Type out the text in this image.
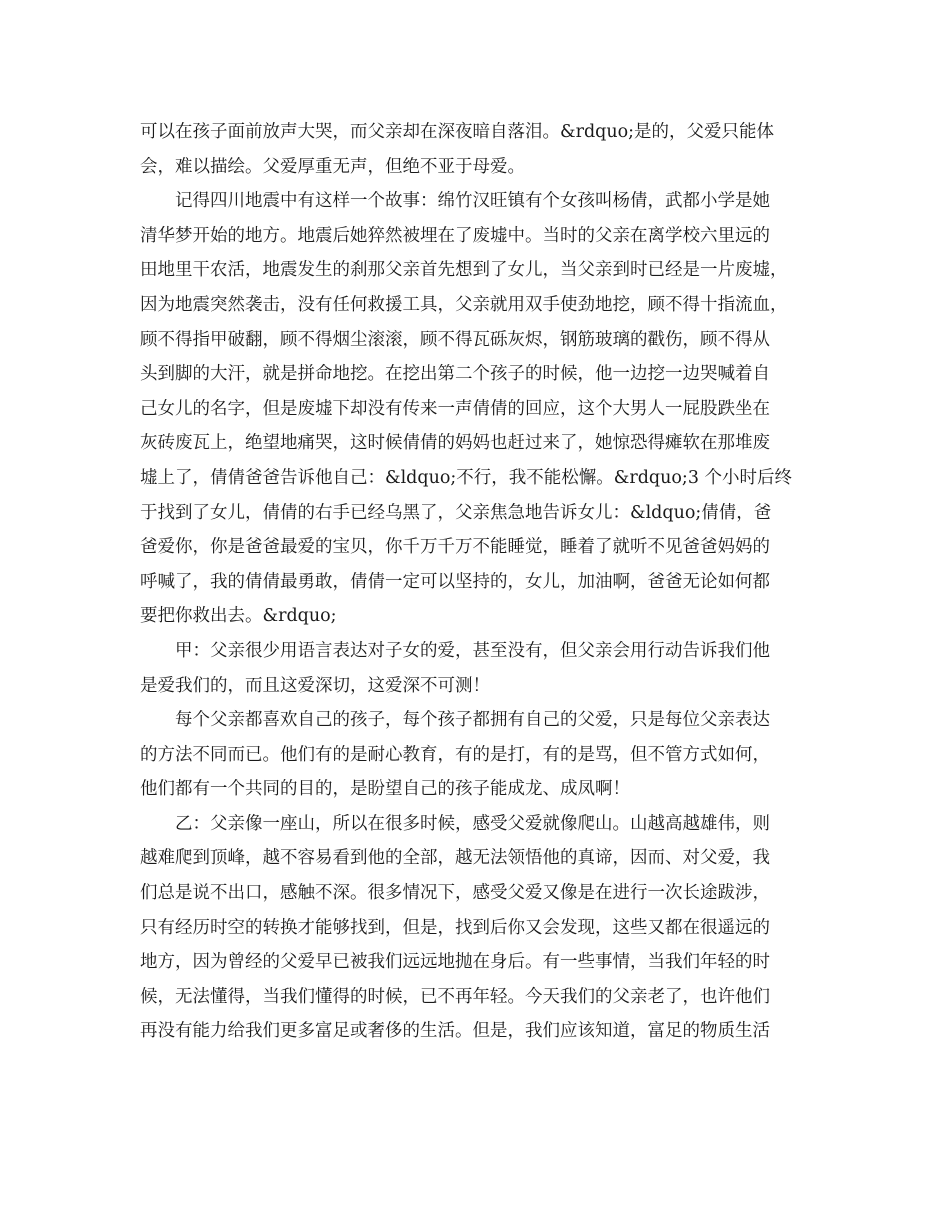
可以在孩子面前放声大哭，而父亲却在深夜暗自落泪。&rdquo;是的，父爱只能体
会，难以描绘。父爱厚重无声，但绝不亚于母爱。
记得四川地震中有这样一个故事：绵竹汉旺镇有个女孩叫杨倩，武都小学是她
清华梦开始的地方。地震后她猝然被埋在了废墟中。当时的父亲在离学校六里远的
田地里干农活，地震发生的刹那父亲首先想到了女儿，当父亲到时已经是一片废墟，
因为地震突然袭击，没有任何救援工具，父亲就用双手使劲地挖，顾不得十指流血，
顾不得指甲破翻，顾不得烟尘滚滚，顾不得瓦砾灰烬，钢筋玻璃的戳伤，顾不得从
头到脚的大汗，就是拼命地挖。在挖出第二个孩子的时候，他一边挖一边哭喊着自
己女儿的名字，但是废墟下却没有传来一声倩倩的回应，这个大男人一屁股跌坐在
灰砖废瓦上，绝望地痛哭，这时候倩倩的妈妈也赶过来了，她惊恐得瘫软在那堆废
墟上了，倩倩爸爸告诉他自己：&ldquo;不行，我不能松懈。&rdquo;3 个小时后终
于找到了女儿，倩倩的右手已经乌黑了，父亲焦急地告诉女儿：&ldquo;倩倩，爸
爸爱你，你是爸爸最爱的宝贝，你千万千万不能睡觉，睡着了就听不见爸爸妈妈的
呼喊了，我的倩倩最勇敢，倩倩一定可以坚持的，女儿，加油啊，爸爸无论如何都
要把你救出去。&rdquo;
甲：父亲很少用语言表达对子女的爱，甚至没有，但父亲会用行动告诉我们他
是爱我们的，而且这爱深切，这爱深不可测！
每个父亲都喜欢自己的孩子，每个孩子都拥有自己的父爱，只是每位父亲表达
的方法不同而已。他们有的是耐心教育，有的是打，有的是骂，但不管方式如何，
他们都有一个共同的目的，是盼望自己的孩子能成龙、成凤啊！
乙：父亲像一座山，所以在很多时候，感受父爱就像爬山。山越高越雄伟，则
越难爬到顶峰，越不容易看到他的全部，越无法领悟他的真谛，因而、对父爱，我
们总是说不出口，感触不深。很多情况下，感受父爱又像是在进行一次长途跋涉，
只有经历时空的转换才能够找到，但是，找到后你又会发现，这些又都在很遥远的
地方，因为曾经的父爱早已被我们远远地抛在身后。有一些事情，当我们年轻的时
候，无法懂得，当我们懂得的时候，已不再年轻。今天我们的父亲老了，也许他们
再没有能力给我们更多富足或奢侈的生活。但是，我们应该知道，富足的物质生活
